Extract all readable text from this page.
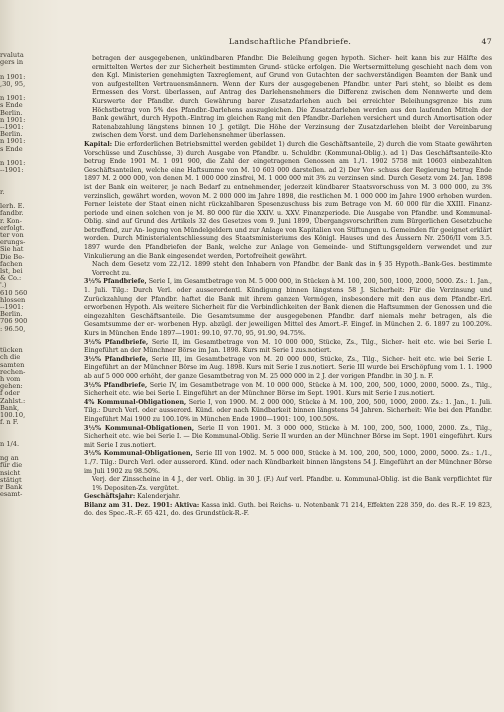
rvaluta
gers in
n 1901:
,30, 95,
n 1901:
s Ende
Berlin.
n 1901:
--1901:
Berlin.
n 1901:
s Ende
n 1901:
--1901:
r.
lerh. E.
fandbr.
r. Kon-
erfolgt.
ter von
erungs-
Sie hat
Die Be-
fachen
lst, bei
& Co.:
'.)
610 560
hlossen
--1901:
Berlin.
706 900
: 96.50,
tücken
ch die
samten
rechen-
h vom
gehen:
f oder
Zahlst.:
Bank,
100.10,
f. n F.
n 1/4.
ng an
für die
nsicht
stätigt
r Bank
esamt-
Landschaftliche Pfandbriefe.	47

betragen der ausgegebenen, unkündbaren Pfandbr. Die Beleihung gegen hypoth. Sicher- heit kann bis zur Hälfte des ermittelten Wertes der zur Sicherheit bestimmten Grund- stücke erfolgen. Die Wertsermittelung geschieht nach dem von den Kgl. Ministerien genehmigten Taxreglement, auf Grund von Gutachten der sachverständigen Beamten der Bank und von aufgestellten Vertrauensmännern. Wenn der Kurs der ausgegebenen Pfandbr. unter Pari steht, so bleibt es dem Ermessen des Vorst. überlassen, auf Antrag des Darlehensnehmers die Differenz zwischen dem Nennwerte und dem Kurswerte der Pfandbr. durch Gewährung barer Zusatzdarlehen auch bei erreichter Beleihungsgrenze bis zum Höchstbetrag von 5% des Pfandbr.-Darlehens auszugleichen. Die Zusatzdarlehen werden aus den laufenden Mitteln der Bank gewährt, durch Hypoth.-Eintrag im gleichen Rang mit den Pfandbr.-Darlehen versichert und durch Amortisation oder Ratenabzahlung längstens binnen 10 J. getilgt. Die Höhe der Verzinsung der Zusatzdarlehen bleibt der Vereinbarung zwischen dem Vorst. und dem Darlehensnehmer überlassen.

Kapital: Die erforderlichen Betriebsmittel werden gebildet 1) durch die Geschäftsanteile, 2) durch die vom Staate gewährten Vorschüsse und Zuschüsse, 3) durch Ausgabe von Pfandbr. u. Schuldbr. (Kommunal-Oblig.). ad 1) Das Geschäftsanteile-Kto betrug Ende 1901 M. 1 091 900, die Zahl der eingetragenen Genossen am 1./1. 1902 5758 mit 10603 einbezahlten Geschäftsanteilen, welche eine Haftsumme von M. 10 603 000 darstellen. ad 2) Der Vor- schuss der Regierung betrug Ende 1897 M. 2 000 000, von denen M. 1 000 000 zinsfrei, M. 1 000 000 mit 3% zu verzinsen sind. Durch Gesetz vom 24. Jan. 1898 ist der Bank ein weiterer, je nach Bedarf zu entnehmender, jederzeit kündbarer Staatsvorschuss von M. 3 000 000, zu 3% verzinslich, gewährt worden, wovon M. 2 000 000 im Jahre 1898, die restlichen M. 1 000 000 im Jahre 1900 erhoben wurden. Ferner leistete der Staat einen nicht rückzahlbaren Spesenzuschuss bis zum Betrage von M. 60 000 für die XXIII. Finanz- periode und einen solchen von je M. 80 000 für die XXIV. u. XXV. Finanzperiode. Die Ausgabe von Pfandbr. und Kommunal-Oblig. sind auf Grund des Artikels 32 des Gesetzes vom 9. Juni 1899, Übergangsvorschriften zum Bürgerlichen Gesetzbuche betreffend, zur An- legung von Mündelgeldern und zur Anlage von Kapitalien von Stiftungen u. Gemeinden für geeignet erklärt worden. Durch Ministerialentschliessung des Staatsministeriums des Königl. Hauses und des Äussern Nr. 2506/II vom 3.5. 1897 wurde den Pfandbriefen der Bank, welche zur Anlage von Gemeinde- und Stiftungsgeldern verwendet und zur Vinkulierung an die Bank eingesendet werden, Portofreiheit gewährt.

Nach dem Gesetz vom 22./12. 1899 steht den Inhabern von Pfandbr. der Bank das in § 35 Hypoth.-Bank-Ges. bestimmte Vorrecht zu.

3½% Pfandbriefe, Serie I, im Gesamtbetrage von M. 5 000 000, in Stücken à M. 100, 200, 500, 1000, 2000, 5000. Zs.: 1. Jan., 1. Juli. Tilg.: Durch Verl. oder ausserordentl. Kündigung binnen längstens 58 J. Sicherheit: Für die Verzinsung und Zurückzahlung der Pfandbr. haftet die Bank mit ihrem ganzen Vermögen, insbesondere mit den aus dem Pfandbr.-Erl. erworbenen Hypoth. Als weitere Sicherheit für die Verbindlichkeiten der Bank dienen die Haftsummen der Genossen und die eingezahlten Geschäftsanteile. Die Gesamtsumme der ausgegebenen Pfandbr. darf niemals mehr betragen, als die Gesamtsumme der er- worbenen Hyp. abzügl. der jeweiligen Mittel des Amort.-F. Eingef. in München 2. 6. 1897 zu 100.20%. Kurs in München Ende 1897—1901: 99.10, 97.70, 95, 91.90, 94.75%.

3½% Pfandbriefe, Serie II, im Gesamtbetrage von M. 10 000 000, Stücke, Zs., Tilg., Sicher- heit etc. wie bei Serie I. Eingeführt an der Münchner Börse im Jan. 1898. Kurs mit Serie I zus.notiert.

3½% Pfandbriefe, Serie III, im Gesamtbetrage von M. 20 000 000, Stücke, Zs., Tilg., Sicher- heit etc. wie bei Serie I. Eingeführt an der Münchner Börse im Aug. 1898. Kurs mit Serie I zus.notiert. Serie III wurde bei Erschöpfung vom 1. 1. 1900 ab auf 5 000 000 erhöht, der ganze Gesamtbetrag von M. 25 000 000 in 2 J. der vorigen Pfandbr. in 30 J. n. F.

3½% Pfandbriefe, Serie IV, im Gesamtbetrage von M. 10 000 000, Stücke à M. 100, 200, 500, 1000, 2000, 5000. Zs., Tilg., Sicherheit etc. wie bei Serie I. Eingeführt an der Münchner Börse im Sept. 1901. Kurs mit Serie I zus.notiert.

4% Kommunal-Obligationen, Serie I, von 1900. M. 2 000 000, Stücke à M. 100, 200, 500, 1000, 2000. Zs.: 1. Jan., 1. Juli. Tilg.: Durch Verl. oder ausserord. Künd. oder nach Kündbarkeit binnen längstens 54 Jahren. Sicherheit: Wie bei den Pfandbr. Eingeführt Mai 1900 zu 100.10% in München Ende 1900—1901: 100, 100.50%.

3½% Kommunal-Obligationen, Serie II von 1901. M. 3 000 000, Stücke à M. 100, 200, 500, 1000, 2000. Zs., Tilg., Sicherheit etc. wie bei Serie I. — Die Kommunal-Oblig. Serie II wurden an der Münchner Börse im Sept. 1901 eingeführt. Kurs mit Serie I zus.notiert.

3½% Kommunal-Obligationen, Serie III von 1902. M. 5 000 000, Stücke à M. 100, 200, 500, 1000, 2000, 5000. Zs.: 1./1., 1./7. Tilg.: Durch Verl. oder ausserord. Künd. oder nach Kündbarkeit binnen längstens 54 J. Eingeführt an der Münchner Börse im Juli 1902 zu 98.50%.

Verj. der Zinsscheine in 4 J., der verl. Oblig. in 30 J. (F.) Auf verl. Pfandbr. u. Kommunal-Oblig. ist die Bank verpflichtet für 1% Depositen-Zs. vergütet.

Geschäftsjahr: Kalenderjahr.

Bilanz am 31. Dez. 1901: Aktiva: Kassa inkl. Guth. bei Reichs- u. Notenbank 71 214, Effekten 228 359, do. des R.-F. 19 823, do. des Spec.-R.-F. 65 421, do. des Grundstück-R.-F.
